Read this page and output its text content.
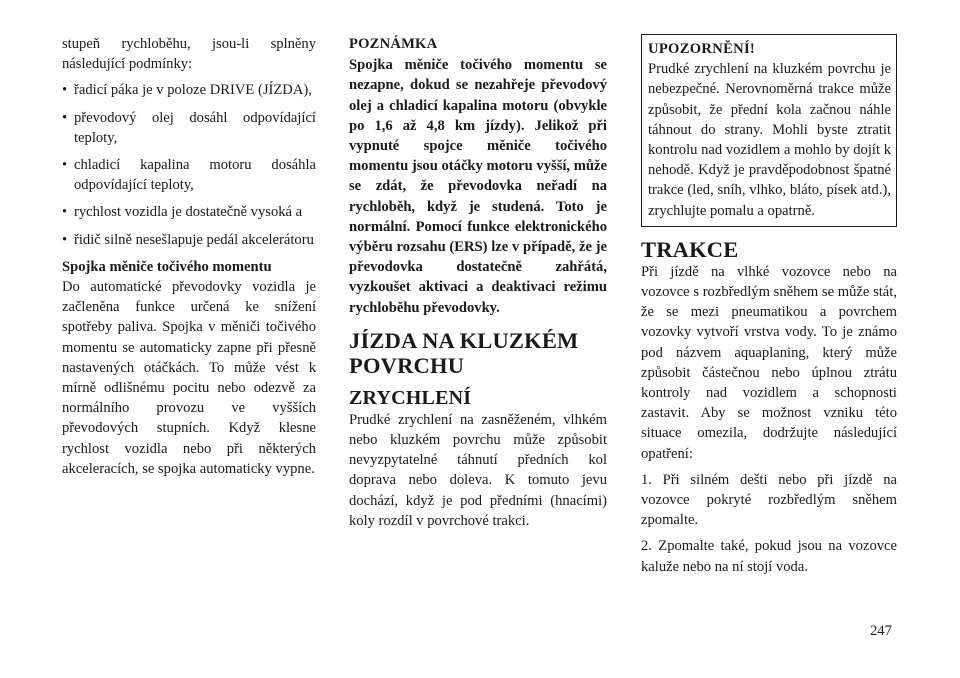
stupeň rychloběhu, jsou-li splněny následující podmínky:

• řadicí páka je v poloze DRIVE (JÍZDA),
• převodový olej dosáhl odpovídající teploty,
• chladicí kapalina motoru dosáhla odpovídající teploty,
• rychlost vozidla je dostatečně vysoká a
• řidič silně nesešlapuje pedál akcelerátoru
Spojka měniče točivého momentu

Do automatické převodovky vozidla je začleněna funkce určená ke snížení spotřeby paliva. Spojka v měniči točivého momentu se automaticky zapne při přesně nastavených otáčkách. To může vést k mírně odlišnému pocitu nebo odezvě za normálního provozu ve vyšších převodových stupních. Když klesne rychlost vozidla nebo při některých akceleracích, se spojka automaticky vypne.

POZNÁMKA

Spojka měniče točivého momentu se nezapne, dokud se nezahřeje převodový olej a chladicí kapalina motoru (obvykle po 1,6 až 4,8 km jízdy). Jelikož při vypnuté spojce měniče točivého momentu jsou otáčky motoru vyšší, může se zdát, že převodovka neřadí na rychloběh, když je studená. Toto je normální. Pomocí funkce elektronického výběru rozsahu (ERS) lze v případě, že je převodovka dostatečně zahřátá, vyzkoušet aktivaci a deaktivaci režimu rychloběhu převodovky.

JÍZDA NA KLUZKÉM
POVRCHU
ZRYCHLENÍ

Prudké zrychlení na zasněženém, vlhkém nebo kluzkém povrchu může způsobit nevyzpytatelné táhnutí předních kol doprava nebo doleva. K tomuto jevu dochází, když je pod předními (hnacími) koly rozdíl v povrchové trakci.

UPOZORNĚNÍ!

Prudké zrychlení na kluzkém povrchu je nebezpečné. Nerovnoměrná trakce může způsobit, že přední kola začnou náhle táhnout do strany. Mohli byste ztratit kontrolu nad vozidlem a mohlo by dojít k nehodě. Když je pravděpodobnost špatné trakce (led, sníh, vlhko, bláto, písek atd.), zrychlujte pomalu a opatrně.

TRAKCE

Při jízdě na vlhké vozovce nebo na vozovce s rozbředlým sněhem se může stát, že se mezi pneumatikou a povrchem vozovky vytvoří vrstva vody. To je známo pod názvem aquaplaning, který může způsobit částečnou nebo úplnou ztrátu kontroly nad vozidlem a schopnosti zastavit. Aby se možnost vzniku této situace omezila, dodržujte následující opatření:

1. Při silném dešti nebo při jízdě na vozovce pokryté rozbředlým sněhem zpomalte.

2. Zpomalte také, pokud jsou na vozovce kaluže nebo na ní stojí voda.

247
